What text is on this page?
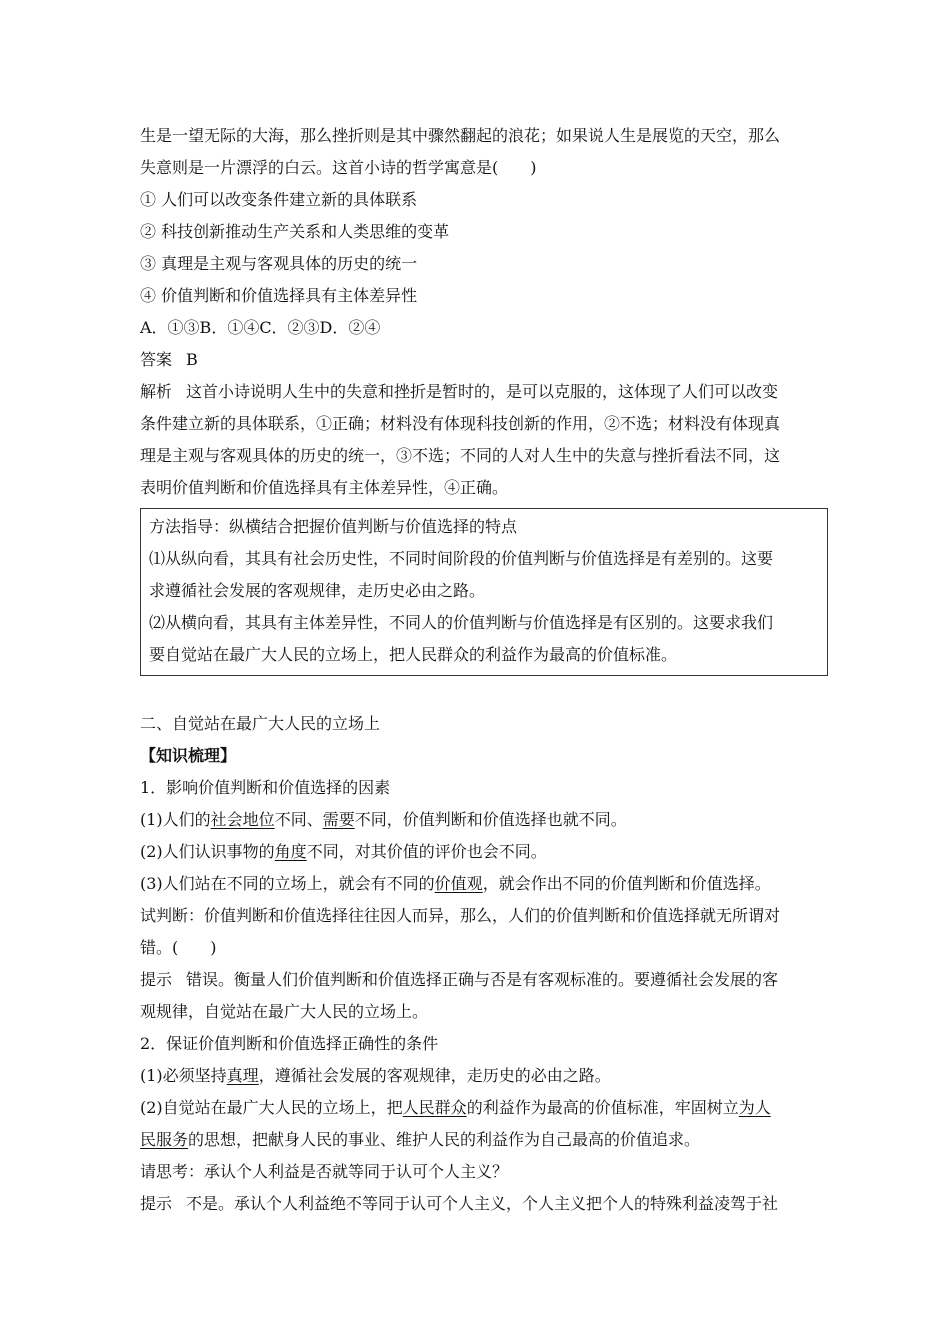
生是一望无际的大海，那么挫折则是其中骤然翻起的浪花；如果说人生是展览的天空，那么
失意则是一片漂浮的白云。这首小诗的哲学寓意是(　　)
① 人们可以改变条件建立新的具体联系
② 科技创新推动生产关系和人类思维的变革
③ 真理是主观与客观具体的历史的统一
④ 价值判断和价值选择具有主体差异性
A．①③B．①④C．②③D．②④
答案 B
解析 这首小诗说明人生中的失意和挫折是暂时的，是可以克服的，这体现了人们可以改变
条件建立新的具体联系，①正确；材料没有体现科技创新的作用，②不选；材料没有体现真
理是主观与客观具体的历史的统一，③不选；不同的人对人生中的失意与挫折看法不同，这
表明价值判断和价值选择具有主体差异性，④正确。
方法指导：纵横结合把握价值判断与价值选择的特点
⑴从纵向看，其具有社会历史性，不同时间阶段的价值判断与价值选择是有差别的。这要
求遵循社会发展的客观规律，走历史必由之路。
⑵从横向看，其具有主体差异性，不同人的价值判断与价值选择是有区别的。这要求我们
要自觉站在最广大人民的立场上，把人民群众的利益作为最高的价值标准。
二、自觉站在最广大人民的立场上
【知识梳理】
1．影响价值判断和价值选择的因素
(1)人们的社会地位不同、需要不同，价值判断和价值选择也就不同。
(2)人们认识事物的角度不同，对其价值的评价也会不同。
(3)人们站在不同的立场上，就会有不同的价值观，就会作出不同的价值判断和价值选择。
试判断：价值判断和价值选择往往因人而异，那么，人们的价值判断和价值选择就无所谓对
错。(　　)
提示 错误。衡量人们价值判断和价值选择正确与否是有客观标准的。要遵循社会发展的客
观规律，自觉站在最广大人民的立场上。
2．保证价值判断和价值选择正确性的条件
(1)必须坚持真理，遵循社会发展的客观规律，走历史的必由之路。
(2)自觉站在最广大人民的立场上，把人民群众的利益作为最高的价值标准，牢固树立为人
民服务的思想，把献身人民的事业、维护人民的利益作为自己最高的价值追求。
请思考：承认个人利益是否就等同于认可个人主义？
提示 不是。承认个人利益绝不等同于认可个人主义，个人主义把个人的特殊利益凌驾于社
